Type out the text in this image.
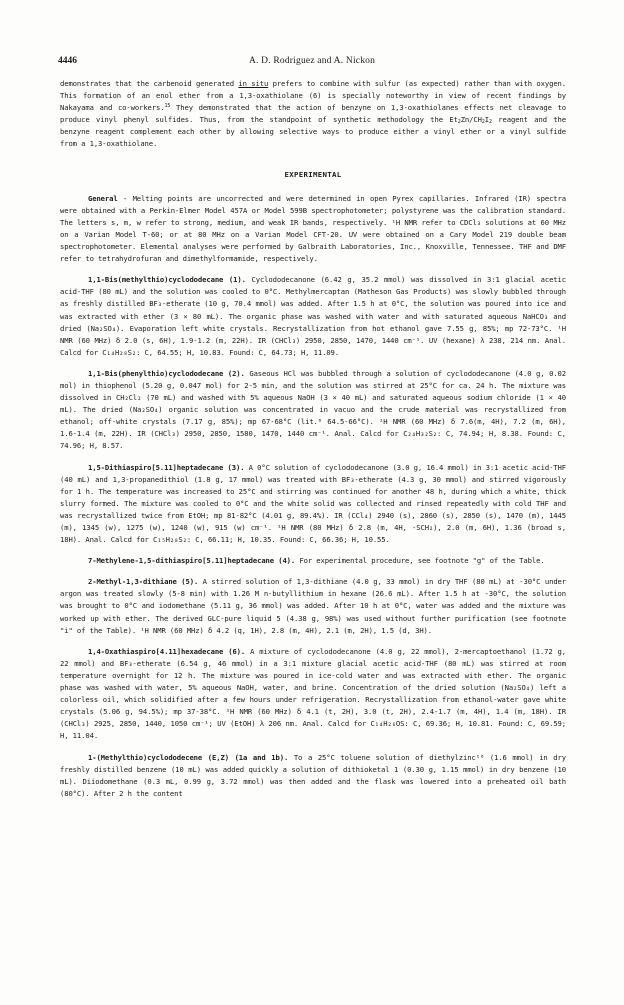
4446	A. D. Rodriguez and A. Nickon

demonstrates that the carbenoid generated in situ prefers to combine with sulfur (as expected) rather than with oxygen. This formation of an enol ether from a 1,3-oxathiolane (6) is specially noteworthy in view of recent findings by Nakayama and co-workers.$^{15}$ They demonstrated that the action of benzyne on 1,3-oxathiolanes effects net cleavage to produce vinyl phenyl sulfides. Thus, from the standpoint of synthetic methodology the $Et_2Zn/CH_2I_2$ reagent and the benzyne reagent complement each other by allowing selective ways to produce either a vinyl ether or a vinyl sulfide from a 1,3-oxathiolane.

EXPERIMENTAL

General - Melting points are uncorrected and were determined in open Pyrex capillaries. Infrared (IR) spectra were obtained with a Perkin-Elmer Model 457A or Model 599B spectrophotometer; polystyrene was the calibration standard. The letters s, m, w refer to strong, medium, and weak IR bands, respectively. ¹H NMR refer to CDCl₃ solutions at 60 MHz on a Varian Model T-60; or at 80 MHz on a Varian Model CFT-20. UV were obtained on a Cary Model 219 double beam spectrophotometer. Elemental analyses were performed by Galbraith Laboratories, Inc., Knoxville, Tennessee. THF and DMF refer to tetrahydrofuran and dimethylformamide, respectively.

1,1-Bis(methylthio)cyclododecane (1). Cyclododecanone (6.42 g, 35.2 mmol) was dissolved in 3:1 glacial acetic acid-THF (80 mL) and the solution was cooled to 0°C. Methylmercaptan (Matheson Gas Products) was slowly bubbled through as freshly distilled BF₃-etherate (10 g, 70.4 mmol) was added. After 1.5 h at 0°C, the solution was poured into ice and was extracted with ether (3 × 80 mL). The organic phase was washed with water and with saturated aqueous NaHCO₃ and dried (Na₂SO₄). Evaporation left white crystals. Recrystallization from hot ethanol gave 7.55 g, 85%; mp 72-73°C. ¹H NMR (60 MHz) δ 2.0 (s, 6H), 1.9-1.2 (m, 22H). IR (CHCl₃) 2950, 2850, 1470, 1440 cm⁻¹. UV (hexane) λ 238, 214 nm. Anal. Calcd for C₁₄H₂₈S₂: C, 64.55; H, 10.83. Found: C, 64.73; H, 11.09.

1,1-Bis(phenylthio)cyclododecane (2). Gaseous HCl was bubbled through a solution of cyclododecanone (4.0 g, 0.02 mol) in thiophenol (5.20 g, 0.047 mol) for 2-5 min, and the solution was stirred at 25°C for ca. 24 h. The mixture was dissolved in CH₂Cl₂ (70 mL) and washed with 5% aqueous NaOH (3 × 40 mL) and saturated aqueous sodium chloride (1 × 40 mL). The dried (Na₂SO₄) organic solution was concentrated in vacuo and the crude material was recrystallized from ethanol; off-white crystals (7.17 g, 85%); mp 67-68°C (lit.⁶ 64.5-66°C). ¹H NMR (60 MHz) δ 7.6(m, 4H), 7.2 (m, 6H), 1.6-1.4 (m, 22H). IR (CHCl₃) 2950, 2850, 1580, 1470, 1440 cm⁻¹. Anal. Calcd for C₂₄H₃₂S₂: C, 74.94; H, 8.38. Found: C, 74.96; H, 8.57.

1,5-Dithiaspiro[5.11]heptadecane (3). A 0°C solution of cyclododecanone (3.0 g, 16.4 mmol) in 3:1 acetic acid-THF (40 mL) and 1,3-propanedithiol (1.8 g, 17 mmol) was treated with BF₃-etherate (4.3 g, 30 mmol) and stirred vigorously for 1 h. The temperature was increased to 25°C and stirring was continued for another 48 h, during which a white, thick slurry formed. The mixture was cooled to 0°C and the white solid was collected and rinsed repeatedly with cold THF and was recrystallized twice from EtOH; mp 81-82°C (4.01 g, 89.4%). IR (CCl₄) 2940 (s), 2860 (s), 2850 (s), 1470 (m), 1445 (m), 1345 (w), 1275 (w), 1240 (w), 915 (w) cm⁻¹. ¹H NMR (80 MHz) δ 2.8 (m, 4H, -SCH₂), 2.0 (m, 6H), 1.36 (broad s, 18H). Anal. Calcd for C₁₅H₂₈S₂: C, 66.11; H, 10.35. Found: C, 66.36; H, 10.55.

7-Methylene-1,5-dithiaspiro[5.11]heptadecane (4). For experimental procedure, see footnote "g" of the Table.

2-Methyl-1,3-dithiane (5). A stirred solution of 1,3-dithiane (4.0 g, 33 mmol) in dry THF (80 mL) at -30°C under argon was treated slowly (5-8 min) with 1.26 M n-butyllithium in hexane (26.6 mL). After 1.5 h at -30°C, the solution was brought to 0°C and iodomethane (5.11 g, 36 mmol) was added. After 10 h at 0°C, water was added and the mixture was worked up with ether. The derived GLC-pure liquid 5 (4.38 g, 98%) was used without further purification (see footnote "i" of the Table). ¹H NMR (60 MHz) δ 4.2 (q, 1H), 2.8 (m, 4H), 2.1 (m, 2H), 1.5 (d, 3H).

1,4-Oxathiaspiro[4.11]hexadecane (6). A mixture of cyclododecanone (4.0 g, 22 mmol), 2-mercaptoethanol (1.72 g, 22 mmol) and BF₃-etherate (6.54 g, 46 mmol) in a 3:1 mixture glacial acetic acid-THF (80 mL) was stirred at room temperature overnight for 12 h. The mixture was poured in ice-cold water and was extracted with ether. The organic phase was washed with water, 5% aqueous NaOH, water, and brine. Concentration of the dried solution (Na₂SO₄) left a colorless oil, which solidified after a few hours under refrigeration. Recrystallization from ethanol-water gave white crystals (5.06 g, 94.5%); mp 37-38°C. ¹H NMR (60 MHz) δ 4.1 (t, 2H), 3.0 (t, 2H), 2.4-1.7 (m, 4H), 1.4 (m, 18H). IR (CHCl₃) 2925, 2850, 1440, 1050 cm⁻¹; UV (EtOH) λ 206 nm. Anal. Calcd for C₁₄H₂₆OS: C, 69.36; H, 10.81. Found: C, 69.59; H, 11.04.

1-(Methylthio)cyclododecene (E,Z) (1a and 1b). To a 25°C toluene solution of diethylzinc¹⁶ (1.6 mmol) in dry freshly distilled benzene (10 mL) was added quickly a solution of dithioketal 1 (0.30 g, 1.15 mmol) in dry benzene (10 mL). Diiodomethane (0.3 mL, 0.99 g, 3.72 mmol) was then added and the flask was lowered into a preheated oil bath (80°C). After 2 h the content
